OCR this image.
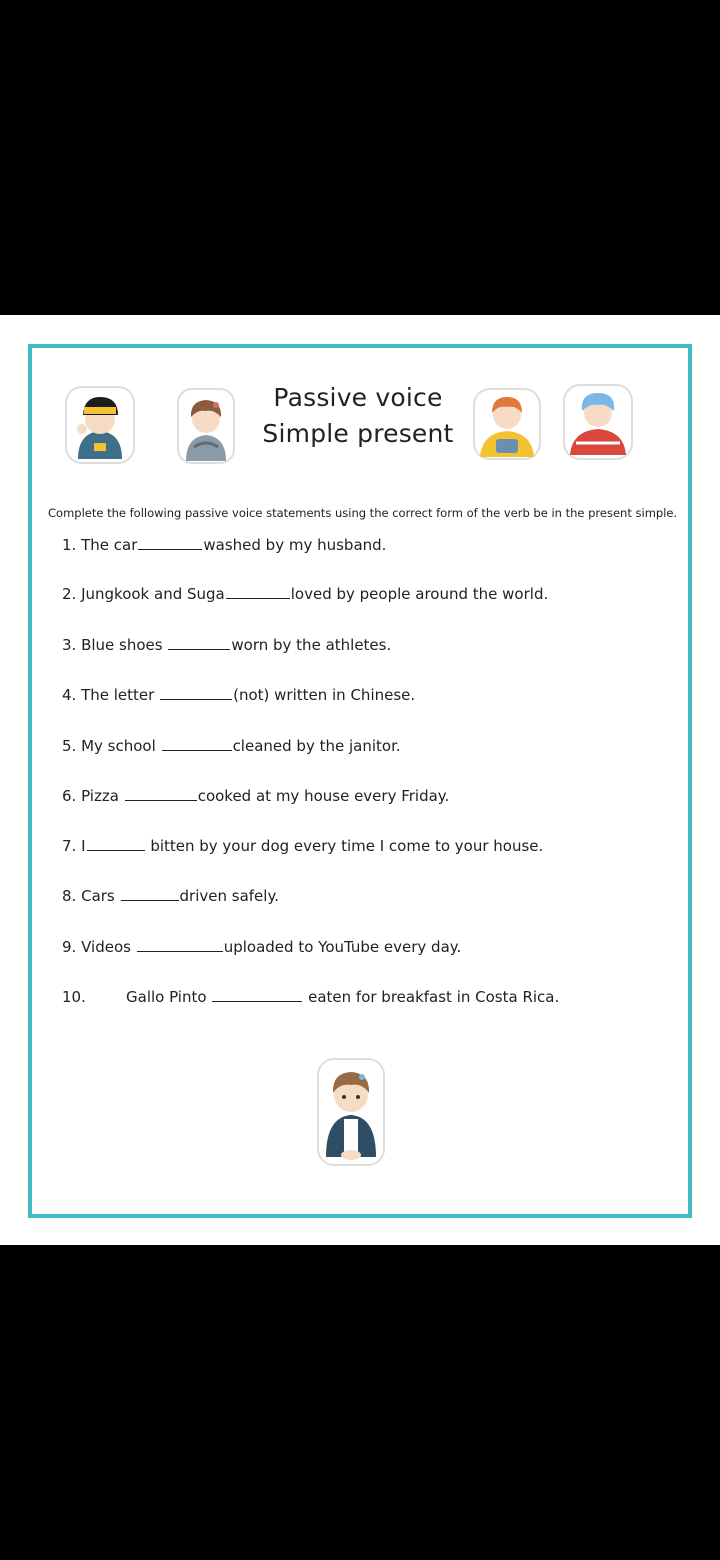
Passive voice
Simple present
Complete the following passive voice statements using the correct form of the verb be in the present simple.
1. The car	washed by my husband.
2. Jungkook and Suga	loved by people around the world.
3. Blue shoes	worn by the athletes.
4. The letter	(not) written in Chinese.
5. My school	cleaned by the janitor.
6. Pizza	cooked at my house every Friday.
7. I	bitten by your dog every time I come to your house.
8. Cars	driven safely.
9. Videos	uploaded to YouTube every day.
10.	Gallo Pinto	eaten for breakfast in Costa Rica.
